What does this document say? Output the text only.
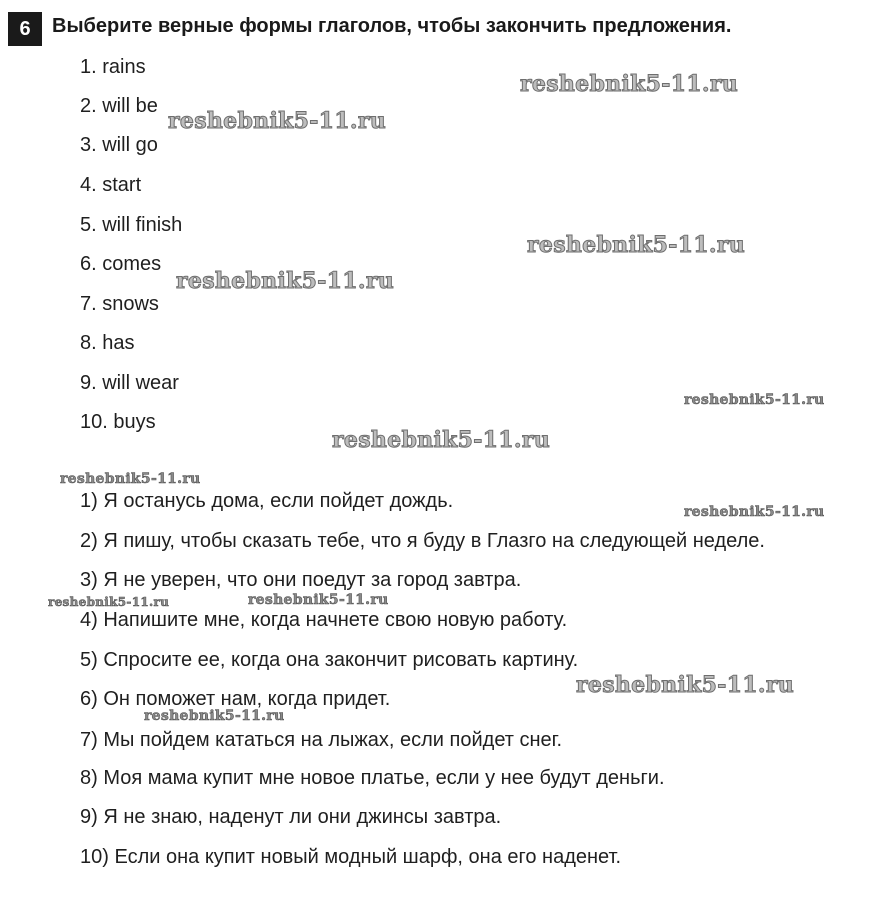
6	Выберите верные формы глаголов, чтобы закончить предложения.
1. rains
2. will be
3. will go
4. start
5. will finish
6. comes
7. snows
8. has
9. will wear
10. buys
1) Я останусь дома, если пойдет дождь.
2) Я пишу, чтобы сказать тебе, что я буду в Глазго на следующей неделе.
3) Я не уверен, что они поедут за город завтра.
4) Напишите мне, когда начнете свою новую работу.
5) Спросите ее, когда она закончит рисовать картину.
6) Он поможет нам, когда придет.
7) Мы пойдем кататься на лыжах, если пойдет снег.
8) Моя мама купит мне новое платье, если у нее будут деньги.
9) Я не знаю, наденут ли они джинсы завтра.
10) Если она купит новый модный шарф, она его наденет.
reshebnik5-11.ru
reshebnik5-11.ru
reshebnik5-11.ru
reshebnik5-11.ru
reshebnik5-11.ru
reshebnik5-11.ru
reshebnik5-11.ru
reshebnik5-11.ru
reshebnik5-11.ru	reshebnik5-11.ru
reshebnik5-11.ru
reshebnik5-11.ru
